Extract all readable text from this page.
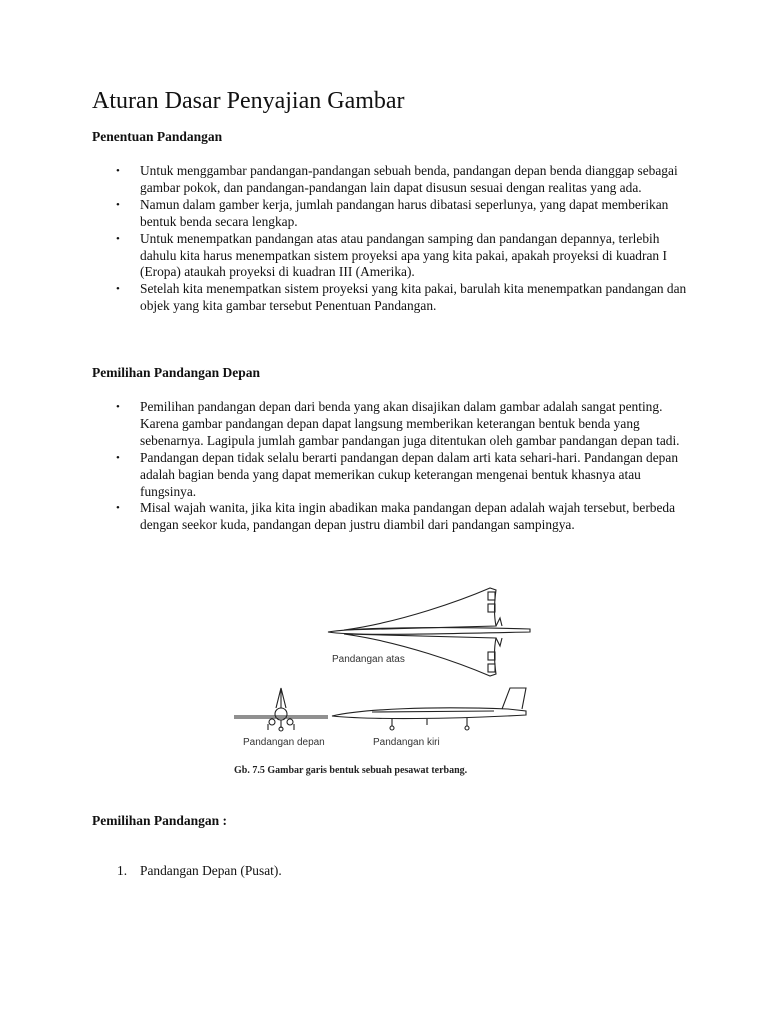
Aturan Dasar Penyajian Gambar
Penentuan Pandangan
• Untuk menggambar pandangan-pandangan sebuah benda, pandangan depan benda dianggap sebagai gambar pokok, dan pandangan-pandangan lain dapat disusun sesuai dengan realitas yang ada.
• Namun dalam gamber kerja, jumlah pandangan harus dibatasi seperlunya, yang dapat memberikan bentuk benda secara lengkap.
• Untuk menempatkan pandangan atas atau pandangan samping dan pandangan depannya, terlebih dahulu kita harus menempatkan sistem proyeksi apa yang kita pakai, apakah proyeksi di kuadran I (Eropa) ataukah proyeksi di kuadran III (Amerika).
• Setelah kita menempatkan sistem proyeksi yang kita pakai, barulah kita menempatkan pandangan dan objek yang kita gambar tersebut Penentuan Pandangan.
Pemilihan Pandangan Depan
• Pemilihan pandangan depan dari benda yang akan disajikan dalam gambar adalah sangat penting. Karena gambar pandangan depan dapat langsung memberikan keterangan bentuk benda yang sebenarnya. Lagipula jumlah gambar pandangan juga ditentukan oleh gambar pandangan depan tadi.
• Pandangan depan tidak selalu berarti pandangan depan dalam arti kata sehari-hari. Pandangan depan adalah bagian benda yang dapat memerikan cukup keterangan mengenai bentuk khasnya atau fungsinya.
• Misal wajah wanita, jika kita ingin abadikan maka pandangan depan adalah wajah tersebut, berbeda dengan seekor kuda, pandangan depan justru diambil dari pandangan sampingya.
Pemilihan Pandangan :
1. Pandangan Depan (Pusat).
Pandangan atas
Pandangan depan	Pandangan kiri
Gb. 7.5 Gambar garis bentuk sebuah pesawat terbang.
